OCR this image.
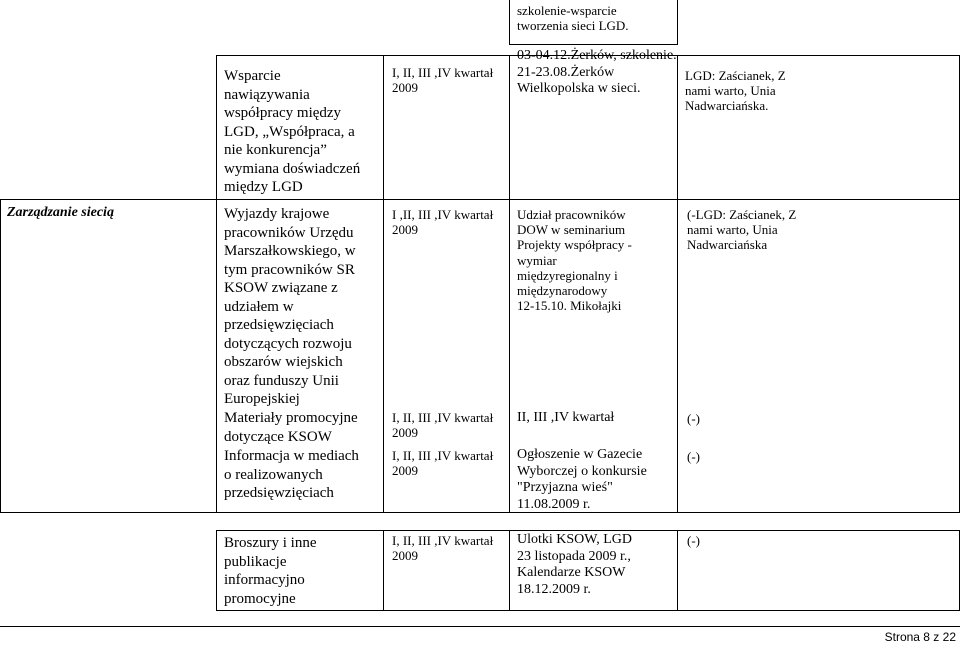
szkolenie-wsparcie
tworzenia sieci LGD.
Wsparcie
nawiązywania
współpracy między
LGD, „Współpraca, a
nie konkurencja”
wymiana doświadczeń
między LGD
I, II, III ,IV kwartał
2009
03-04.12.Żerków, szkolenie.
21-23.08.Żerków
Wielkopolska w sieci.
LGD: Zaścianek, Z
nami warto, Unia
Nadwarciańska.
Zarządzanie siecią	Wyjazdy krajowe
pracowników Urzędu
Marszałkowskiego, w
tym pracowników SR
KSOW związane z
udziałem w
przedsięwzięciach
dotyczących rozwoju
obszarów wiejskich
oraz funduszy Unii
Europejskiej
I ,II, III ,IV kwartał
2009
Udział pracowników
DOW w seminarium
Projekty współpracy -
wymiar
międzyregionalny i
międzynarodowy
12-15.10. Mikołajki
(-LGD: Zaścianek, Z
nami warto, Unia
Nadwarciańska
Materiały promocyjne
dotyczące KSOW
I, II, III ,IV kwartał
2009
II, III ,IV kwartał	(-)
Informacja w mediach
o realizowanych
przedsięwzięciach
I, II, III ,IV kwartał
2009
Ogłoszenie w Gazecie
Wyborczej o konkursie
"Przyjazna wieś"
11.08.2009 r.
(-)
Broszury i inne
publikacje
informacyjno
promocyjne
I, II, III ,IV kwartał
2009
Ulotki KSOW, LGD
23 listopada 2009 r.,
Kalendarze KSOW
18.12.2009 r.
(-)
Strona 8 z 22
